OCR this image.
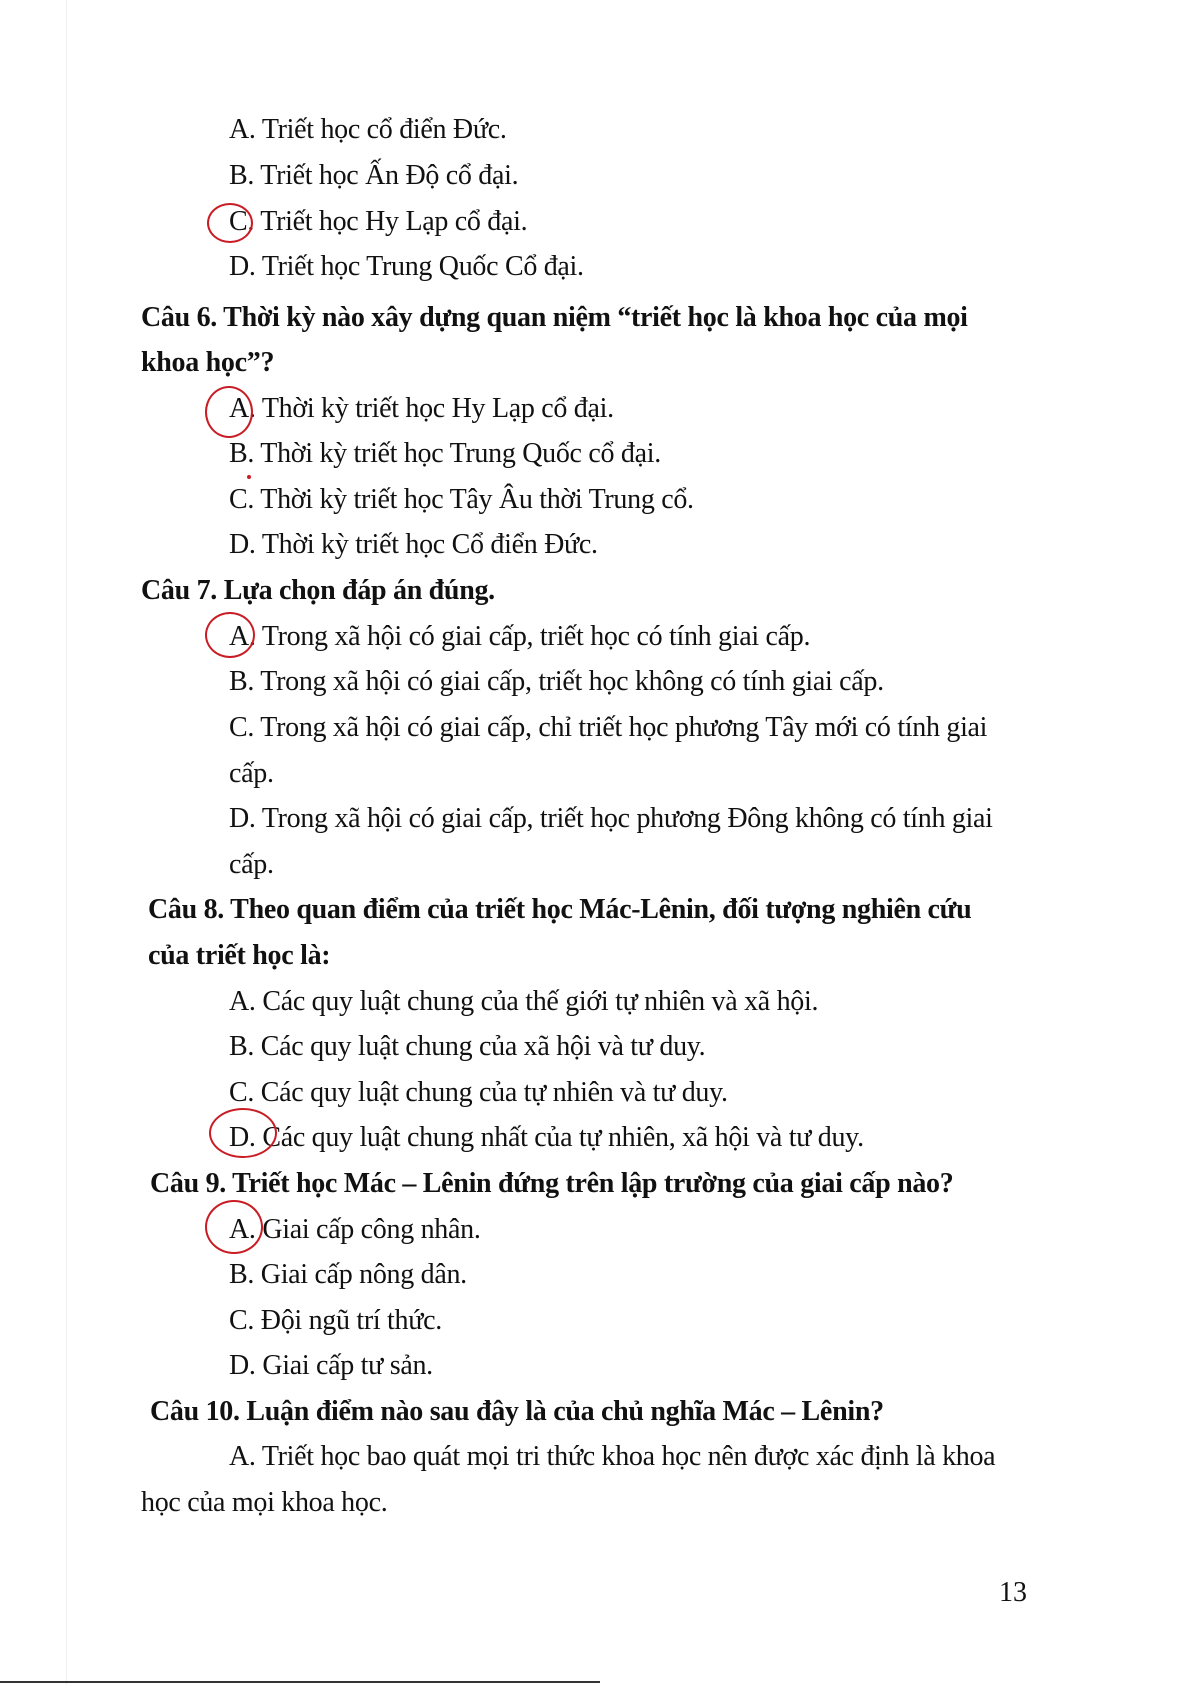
A. Triết học cổ điển Đức.
B. Triết học Ấn Độ cổ đại.
C. Triết học Hy Lạp cổ đại.
D. Triết học Trung Quốc Cổ đại.
Câu 6. Thời kỳ nào xây dựng quan niệm “triết học là khoa học của mọi
khoa học”?
A. Thời kỳ triết học Hy Lạp cổ đại.
B. Thời kỳ triết học Trung Quốc cổ đại.
C. Thời kỳ triết học Tây Âu thời Trung cổ.
D. Thời kỳ triết học Cổ điển Đức.
Câu 7. Lựa chọn đáp án đúng.
A. Trong xã hội có giai cấp, triết học có tính giai cấp.
B. Trong xã hội có giai cấp, triết học không có tính giai cấp.
C. Trong xã hội có giai cấp, chỉ triết học phương Tây mới có tính giai
cấp.
D. Trong xã hội có giai cấp, triết học phương Đông không có tính giai
cấp.
Câu 8. Theo quan điểm của triết học Mác-Lênin, đối tượng nghiên cứu
của triết học là:
A. Các quy luật chung của thế giới tự nhiên và xã hội.
B. Các quy luật chung của xã hội và tư duy.
C. Các quy luật chung của tự nhiên và tư duy.
D. Các quy luật chung nhất của tự nhiên, xã hội và tư duy.
Câu 9. Triết học Mác – Lênin đứng trên lập trường của giai cấp nào?
A. Giai cấp công nhân.
B. Giai cấp nông dân.
C. Đội ngũ trí thức.
D. Giai cấp tư sản.
Câu 10. Luận điểm nào sau đây là của chủ nghĩa Mác – Lênin?
A. Triết học bao quát mọi tri thức khoa học nên được xác định là khoa
học của mọi khoa học.
13
